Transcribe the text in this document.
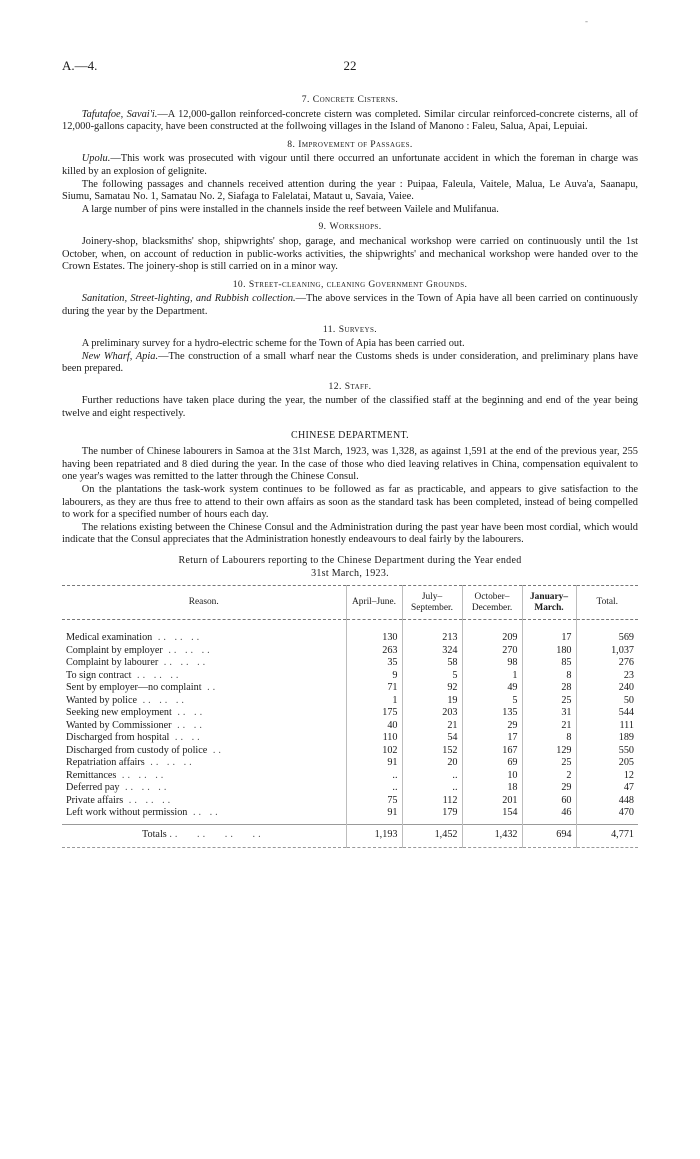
-
A.—4.	22
7. Concrete Cisterns.

Tafutafoe, Savai'i.—A 12,000-gallon reinforced-concrete cistern was completed. Similar circular reinforced-concrete cisterns, all of 12,000-gallons capacity, have been constructed at the follwoing villages in the Island of Manono : Faleu, Salua, Apai, Lepuiai.

8. Improvement of Passages.

Upolu.—This work was prosecuted with vigour until there occurred an unfortunate accident in which the foreman in charge was killed by an explosion of gelignite.

The following passages and channels received attention during the year : Puipaa, Faleula, Vaitele, Malua, Le Auva'a, Saanapu, Siumu, Samatau No. 1, Samatau No. 2, Siafaga to Falelatai, Mataut u, Savaia, Vaiee.

A large number of pins were installed in the channels inside the reef between Vailele and Mulifanua.

9. Workshops.

Joinery-shop, blacksmiths' shop, shipwrights' shop, garage, and mechanical workshop were carried on continuously until the 1st October, when, on account of reduction in public-works activities, the shipwrights' and mechanical workshop were handed over to the Crown Estates. The joinery-shop is still carried on in a minor way.

10. Street-cleaning, cleaning Government Grounds.

Sanitation, Street-lighting, and Rubbish collection.—The above services in the Town of Apia have all been carried on continuously during the year by the Department.

11. Surveys.

A preliminary survey for a hydro-electric scheme for the Town of Apia has been carried out.

New Wharf, Apia.—The construction of a small wharf near the Customs sheds is under consideration, and preliminary plans have been prepared.

12. Staff.

Further reductions have taken place during the year, the number of the classified staff at the beginning and end of the year being twelve and eight respectively.

CHINESE DEPARTMENT.

The number of Chinese labourers in Samoa at the 31st March, 1923, was 1,328, as against 1,591 at the end of the previous year, 255 having been repatriated and 8 died during the year. In the case of those who died leaving relatives in China, compensation equivalent to one year's wages was remitted to the latter through the Chinese Consul.

On the plantations the task-work system continues to be followed as far as practicable, and appears to give satisfaction to the labourers, as they are thus free to attend to their own affairs as soon as the standard task has been completed, instead of being compelled to work for a specified number of hours each day.

The relations existing between the Chinese Consul and the Administration during the past year have been most cordial, which would indicate that the Consul appreciates that the Administration honestly endeavours to deal fairly by the labourers.

Return of Labourers reporting to the Chinese Department during the Year ended
31st March, 1923.
Reason.	April–June.	July–September.	October–December.	January–March.	Total.
Medical examination .. .. ..	130	213	209	17	569
Complaint by employer .. .. ..	263	324	270	180	1,037
Complaint by labourer .. .. ..	35	58	98	85	276
To sign contract .. .. ..	9	5	1	8	23
Sent by employer—no complaint ..	71	92	49	28	240
Wanted by police .. .. ..	1	19	5	25	50
Seeking new employment .. ..	175	203	135	31	544
Wanted by Commissioner .. ..	40	21	29	21	111
Discharged from hospital .. ..	110	54	17	8	189
Discharged from custody of police ..	102	152	167	129	550
Repatriation affairs .. .. ..	91	20	69	25	205
Remittances .. .. ..	..	..	10	2	12
Deferred pay .. .. ..	..	..	18	29	47
Private affairs .. .. ..	75	112	201	60	448
Left work without permission .. ..	91	179	154	46	470
Totals ..   ..   ..   ..	1,193	1,452	1,432	694	4,771
